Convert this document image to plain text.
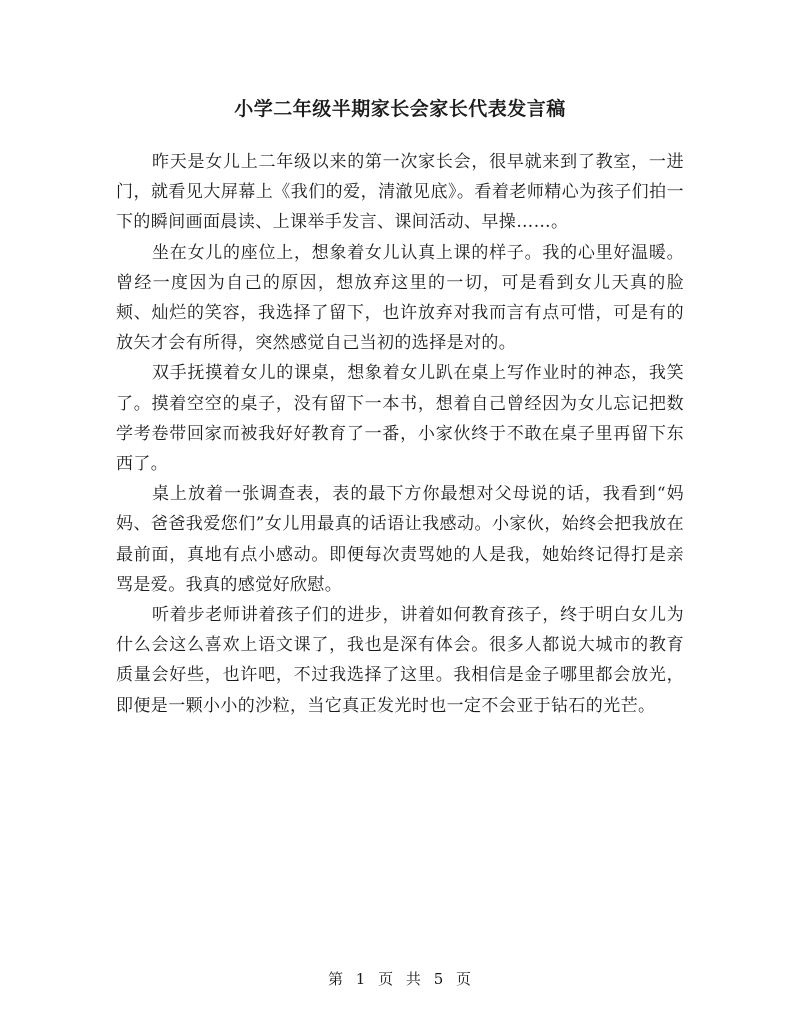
小学二年级半期家长会家长代表发言稿

昨天是女儿上二年级以来的第一次家长会，很早就来到了教室，一进门，就看见大屏幕上《我们的爱，清澈见底》。看着老师精心为孩子们拍一下的瞬间画面晨读、上课举手发言、课间活动、早操……。

坐在女儿的座位上，想象着女儿认真上课的样子。我的心里好温暖。曾经一度因为自己的原因，想放弃这里的一切，可是看到女儿天真的脸颊、灿烂的笑容，我选择了留下，也许放弃对我而言有点可惜，可是有的放矢才会有所得，突然感觉自己当初的选择是对的。

双手抚摸着女儿的课桌，想象着女儿趴在桌上写作业时的神态，我笑了。摸着空空的桌子，没有留下一本书，想着自己曾经因为女儿忘记把数学考卷带回家而被我好好教育了一番，小家伙终于不敢在桌子里再留下东西了。

桌上放着一张调查表，表的最下方你最想对父母说的话，我看到“妈妈、爸爸我爱您们”女儿用最真的话语让我感动。小家伙，始终会把我放在最前面，真地有点小感动。即便每次责骂她的人是我，她始终记得打是亲骂是爱。我真的感觉好欣慰。

听着步老师讲着孩子们的进步，讲着如何教育孩子，终于明白女儿为什么会这么喜欢上语文课了，我也是深有体会。很多人都说大城市的教育质量会好些，也许吧，不过我选择了这里。我相信是金子哪里都会放光，即便是一颗小小的沙粒，当它真正发光时也一定不会亚于钻石的光芒。

第 1 页 共 5 页
